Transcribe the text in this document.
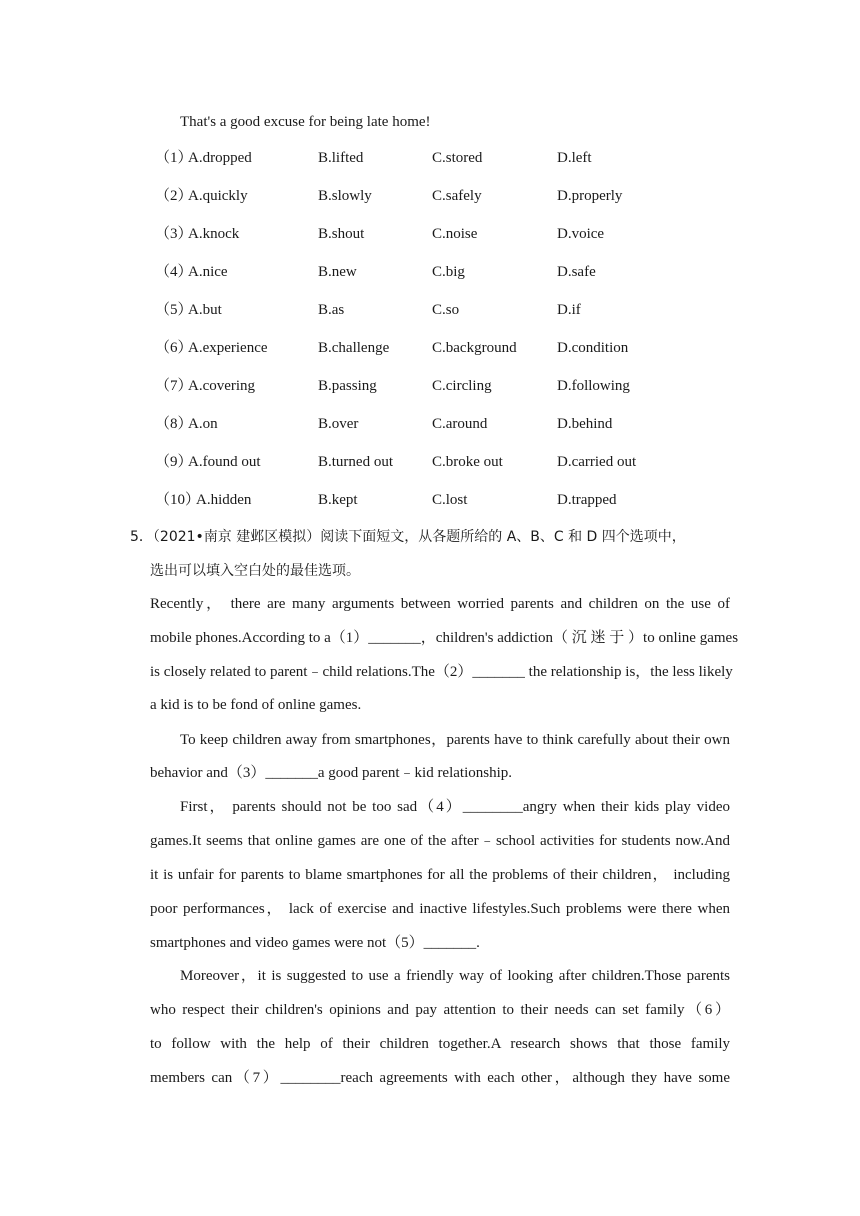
That's a good excuse for being late home!
（1）
A.dropped	B.lifted	C.stored	D.left
（2）
A.quickly	B.slowly	C.safely	D.properly
（3）
A.knock	B.shout	C.noise	D.voice
（4）
A.nice	B.new	C.big	D.safe
（5）
A.but	B.as	C.so	D.if
（6）
A.experience	B.challenge	C.background	D.condition
（7）
A.covering	B.passing	C.circling	D.following
（8）
A.on	B.over	C.around	D.behind
（9）
A.found out	B.turned out	C.broke out	D.carried out
（10）
A.hidden	B.kept	C.lost	D.trapped
5．（2021•南京 建邺区模拟）阅读下面短文，从各题所给的 A、B、C 和 D 四个选项中，
选出可以填入空白处的最佳选项。
Recently， there are many arguments between worried parents and children on the use of
mobile phones.According to a（1）_______，children's addiction（ 沉 迷 于 ）to online games
is closely related to parent﹣child relations.The（2）_______ the relationship is，the less likely
a kid is to be fond of online games.
To keep children away from smartphones，parents have to think carefully about their own
behavior and（3）_______a good parent﹣kid relationship.
First， parents should not be too sad（4）________angry when their kids play video
games.It seems that online games are one of the after﹣school activities for students now.And
it is unfair for parents to blame smartphones for all the problems of their children， including
poor performances， lack of exercise and inactive lifestyles.Such problems were there when
smartphones and video games were not（5）_______.
Moreover，it is suggested to use a friendly way of looking after children.Those parents
who respect their children's opinions and pay attention to their needs can set family（6）
to follow with the help of their children together.A research shows that those family
members can（7）________reach agreements with each other，although they have some
